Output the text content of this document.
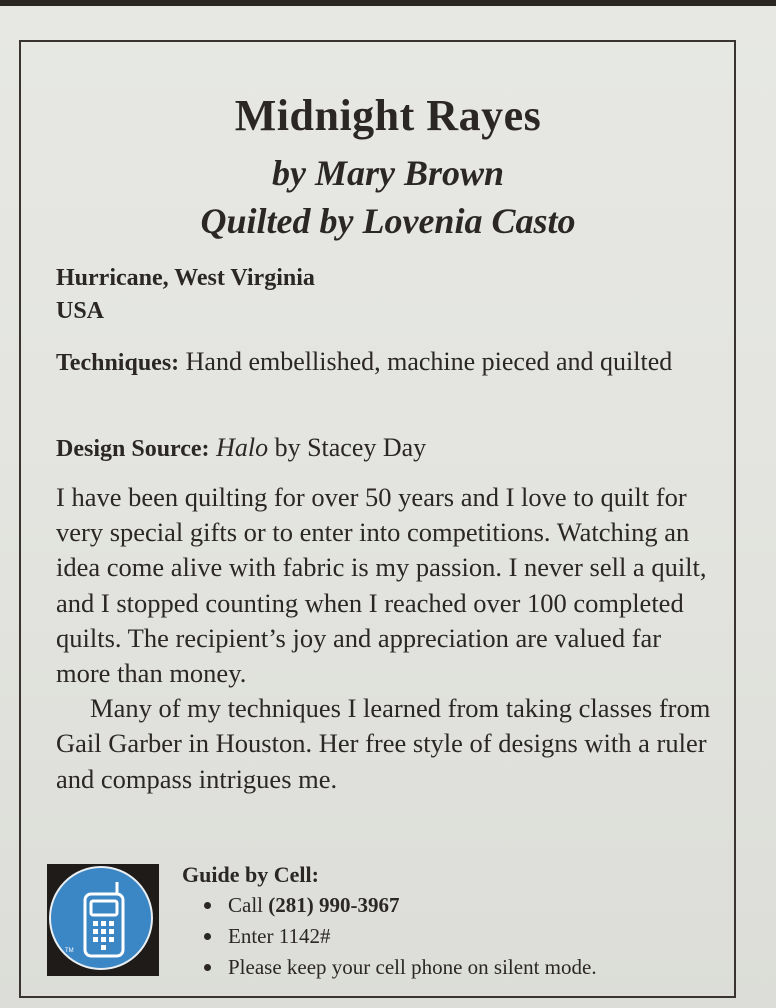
Midnight Rayes
by Mary Brown
Quilted by Lovenia Casto
Hurricane, West Virginia
USA
Techniques: Hand embellished, machine pieced and quilted
Design Source: Halo by Stacey Day

I have been quilting for over 50 years and I love to quilt for very special gifts or to enter into competitions. Watching an idea come alive with fabric is my passion. I never sell a quilt, and I stopped counting when I reached over 100 completed quilts. The recipient’s joy and appreciation are valued far more than money.

Many of my techniques I learned from taking classes from Gail Garber in Houston. Her free style of designs with a ruler and compass intrigues me.

TM
Guide by Cell:
Call (281) 990-3967
Enter 1142#
Please keep your cell phone on silent mode.
